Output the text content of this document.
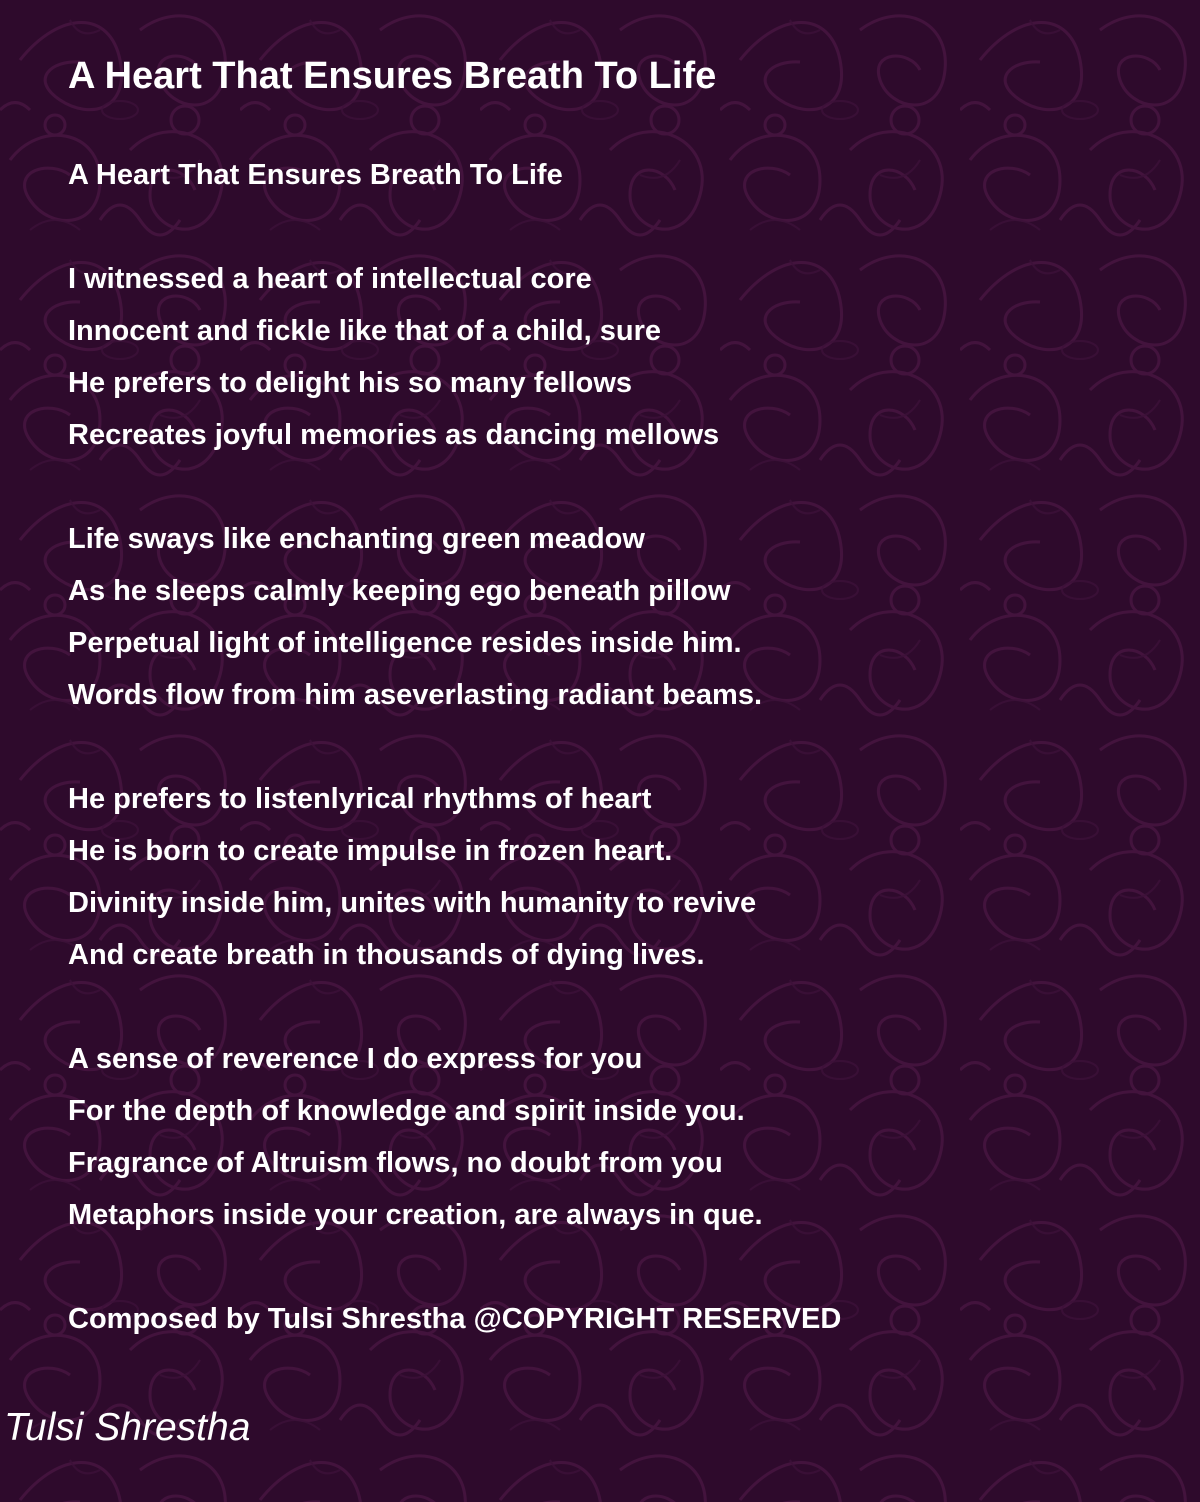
A Heart That Ensures Breath To Life
A Heart That Ensures Breath To Life
I witnessed a heart of intellectual core
Innocent and fickle like that of a child, sure
He prefers to delight his so many fellows
Recreates joyful memories as dancing mellows
Life sways like enchanting green meadow
As he sleeps calmly keeping ego beneath pillow
Perpetual light of intelligence resides inside him.
Words flow from him aseverlasting radiant beams.
He prefers to listenlyrical rhythms of heart
He is born to create impulse in frozen heart.
Divinity inside him, unites with humanity to revive
And create breath in thousands of dying lives.
A sense of reverence I do express for you
For the depth of knowledge and spirit inside you.
Fragrance of Altruism flows, no doubt from you
Metaphors inside your creation, are always in que.
Composed by Tulsi Shrestha @COPYRIGHT RESERVED
Tulsi Shrestha
